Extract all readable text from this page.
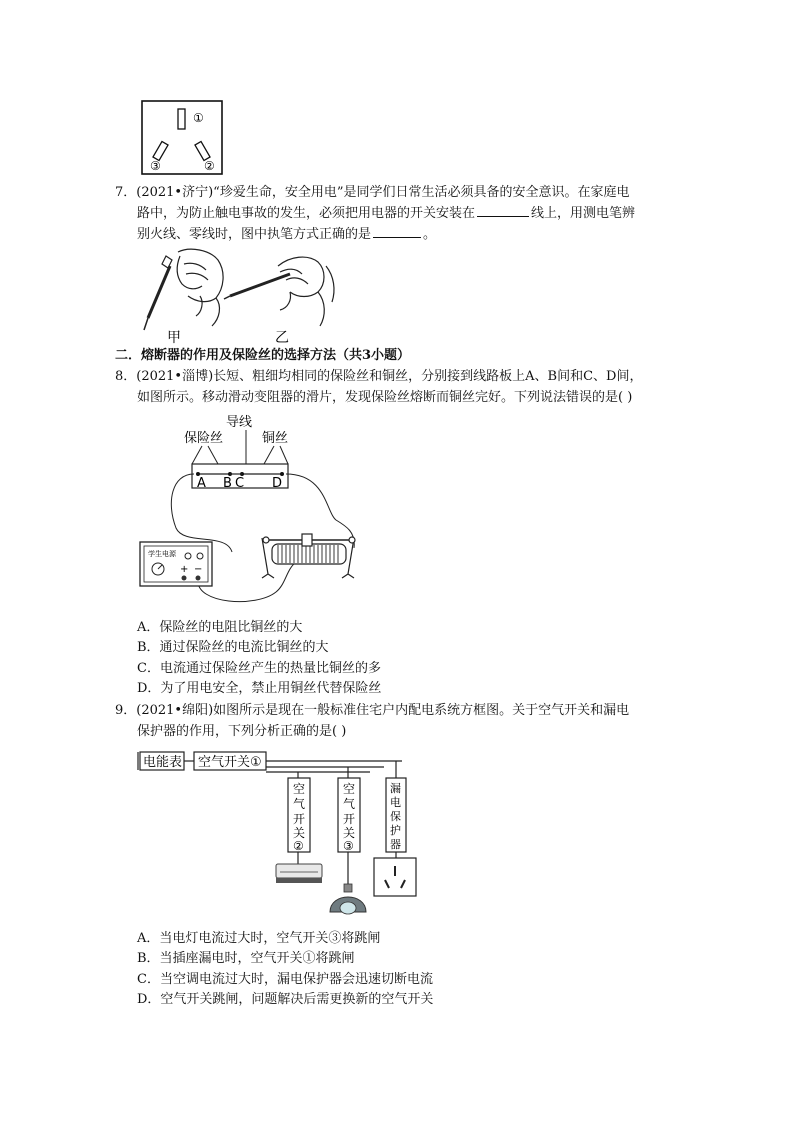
①
③	②
7．(2021•济宁)“珍爱生命，安全用电”是同学们日常生活必须具备的安全意识。在家庭电
路中，为防止触电事故的发生，必须把用电器的开关安装在	线上，用测电笔辨
别火线、零线时，图中执笔方式正确的是	。
甲	乙
二．熔断器的作用及保险丝的选择方法（共3小题）
8．(2021•淄博)长短、粗细均相同的保险丝和铜丝，分别接到线路板上A、B间和C、D间，
如图所示。移动滑动变阻器的滑片，发现保险丝熔断而铜丝完好。下列说法错误的是( )
导线
保险丝	铜丝
A B C D
学生电源
+ −
A．保险丝的电阻比铜丝的大
B．通过保险丝的电流比铜丝的大
C．电流通过保险丝产生的热量比铜丝的多
D．为了用电安全，禁止用铜丝代替保险丝
9．(2021•绵阳)如图所示是现在一般标准住宅户内配电系统方框图。关于空气开关和漏电
保护器的作用，下列分析正确的是( )
电能表 空气开关①
空
气
开
关
②
空
气
开
关
③
漏
电
保
护
器
A．当电灯电流过大时，空气开关③将跳闸
B．当插座漏电时，空气开关①将跳闸
C．当空调电流过大时，漏电保护器会迅速切断电流
D．空气开关跳闸，问题解决后需更换新的空气开关
